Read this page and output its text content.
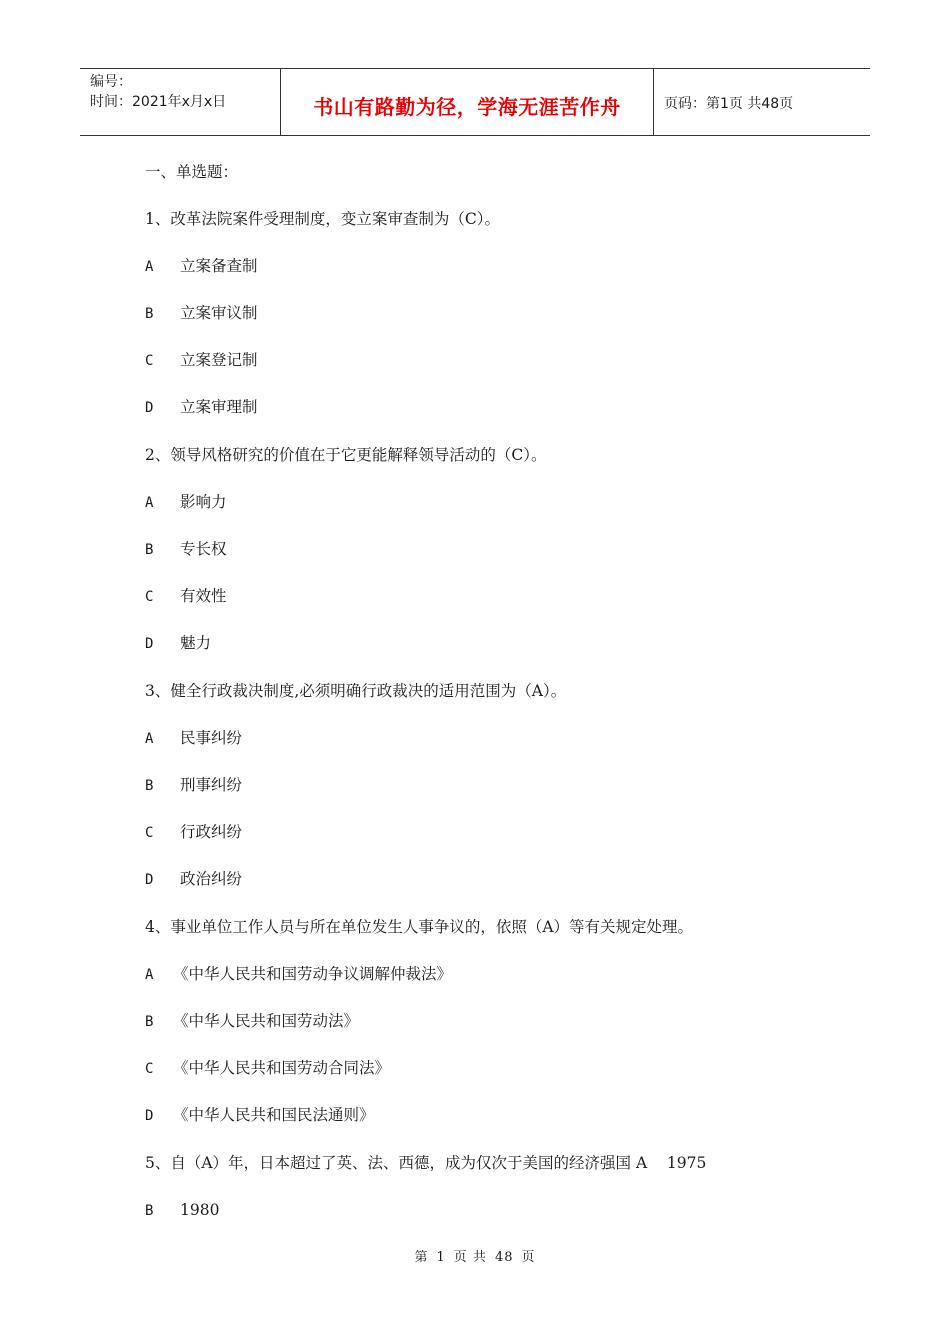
编号：
时间：2021年x月x日	书山有路勤为径，学海无涯苦作舟	页码：第1页 共48页
一、单选题：
1、改革法院案件受理制度，变立案审查制为（C）。
A 立案备查制
B 立案审议制
C 立案登记制
D 立案审理制
2、领导风格研究的价值在于它更能解释领导活动的（C）。
A 影响力
B 专长权
C 有效性
D 魅力
3、健全行政裁决制度,必须明确行政裁决的适用范围为（A）。
A 民事纠纷
B 刑事纠纷
C 行政纠纷
D 政治纠纷
4、事业单位工作人员与所在单位发生人事争议的，依照（A）等有关规定处理。
A 《中华人民共和国劳动争议调解仲裁法》
B 《中华人民共和国劳动法》
C 《中华人民共和国劳动合同法》
D 《中华人民共和国民法通则》
5、自（A）年，日本超过了英、法、西德，成为仅次于美国的经济强国 A    1975
B 1980
第 1 页 共 48 页
